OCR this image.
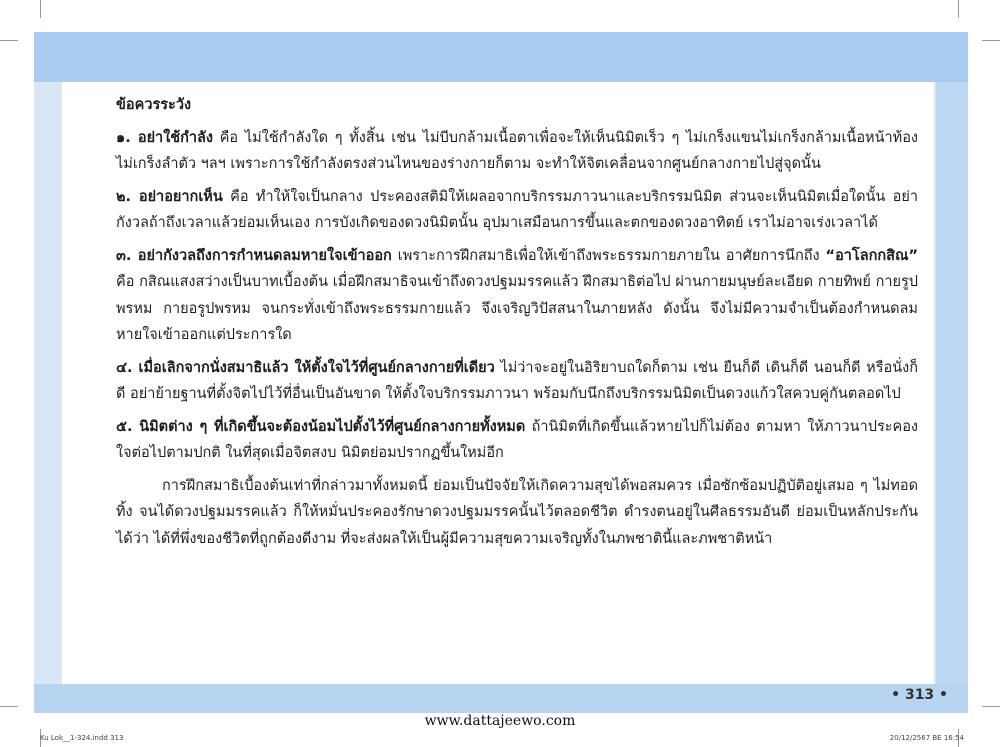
ข้อควรระวัง

๑. อย่าใช้กำลัง คือ ไม่ใช้กำลังใด ๆ ทั้งสิ้น เช่น ไม่บีบกล้ามเนื้อตาเพื่อจะให้เห็นนิมิตเร็ว ๆ ไม่เกร็งแขนไม่เกร็งกล้ามเนื้อหน้าท้อง ไม่เกร็งลำตัว ฯลฯ เพราะการใช้กำลังตรงส่วนไหนของร่างกายก็ตาม จะทำให้จิตเคลื่อนจากศูนย์กลางกายไปสู่จุดนั้น

๒. อย่าอยากเห็น คือ ทำให้ใจเป็นกลาง ประคองสติมิให้เผลอจากบริกรรมภาวนาและบริกรรมนิมิต ส่วนจะเห็นนิมิตเมื่อใดนั้น อย่ากังวลถ้าถึงเวลาแล้วย่อมเห็นเอง การบังเกิดของดวงนิมิตนั้น อุปมาเสมือนการขึ้นและตกของดวงอาทิตย์ เราไม่อาจเร่งเวลาได้

๓. อย่ากังวลถึงการกำหนดลมหายใจเข้าออก เพราะการฝึกสมาธิเพื่อให้เข้าถึงพระธรรมกายภายใน อาศัยการนึกถึง “อาโลกกสิณ” คือ กสิณแสงสว่างเป็นบาทเบื้องต้น เมื่อฝึกสมาธิจนเข้าถึงดวงปฐมมรรคแล้ว ฝึกสมาธิต่อไป ผ่านกายมนุษย์ละเอียด กายทิพย์ กายรูปพรหม กายอรูปพรหม จนกระทั่งเข้าถึงพระธรรมกายแล้ว จึงเจริญวิปัสสนาในภายหลัง ดังนั้น จึงไม่มีความจำเป็นต้องกำหนดลมหายใจเข้าออกแต่ประการใด

๔. เมื่อเลิกจากนั่งสมาธิแล้ว ให้ตั้งใจไว้ที่ศูนย์กลางกายที่เดียว ไม่ว่าจะอยู่ในอิริยาบถใดก็ตาม เช่น ยืนก็ดี เดินก็ดี นอนก็ดี หรือนั่งก็ดี อย่าย้ายฐานที่ตั้งจิตไปไว้ที่อื่นเป็นอันขาด ให้ตั้งใจบริกรรมภาวนา พร้อมกับนึกถึงบริกรรมนิมิตเป็นดวงแก้วใสควบคู่กันตลอดไป

๕. นิมิตต่าง ๆ ที่เกิดขึ้นจะต้องน้อมไปตั้งไว้ที่ศูนย์กลางกายทั้งหมด ถ้านิมิตที่เกิดขึ้นแล้วหายไปก็ไม่ต้อง ตามหา ให้ภาวนาประคองใจต่อไปตามปกติ ในที่สุดเมื่อจิตสงบ นิมิตย่อมปรากฏขึ้นใหม่อีก

การฝึกสมาธิเบื้องต้นเท่าที่กล่าวมาทั้งหมดนี้ ย่อมเป็นปัจจัยให้เกิดความสุขได้พอสมควร เมื่อซักซ้อมปฏิบัติอยู่เสมอ ๆ ไม่ทอดทิ้ง จนได้ดวงปฐมมรรคแล้ว ก็ให้หมั่นประคองรักษาดวงปฐมมรรคนั้นไว้ตลอดชีวิต ดำรงตนอยู่ในศีลธรรมอันดี ย่อมเป็นหลักประกันได้ว่า ได้ที่พึ่งของชีวิตที่ถูกต้องดีงาม ที่จะส่งผลให้เป็นผู้มีความสุขความเจริญทั้งในภพชาตินี้และภพชาติหน้า

• 313 •
www.dattajeewo.com
Ku Lok__1-324.indd 313	20/12/2567 BE 16:54
